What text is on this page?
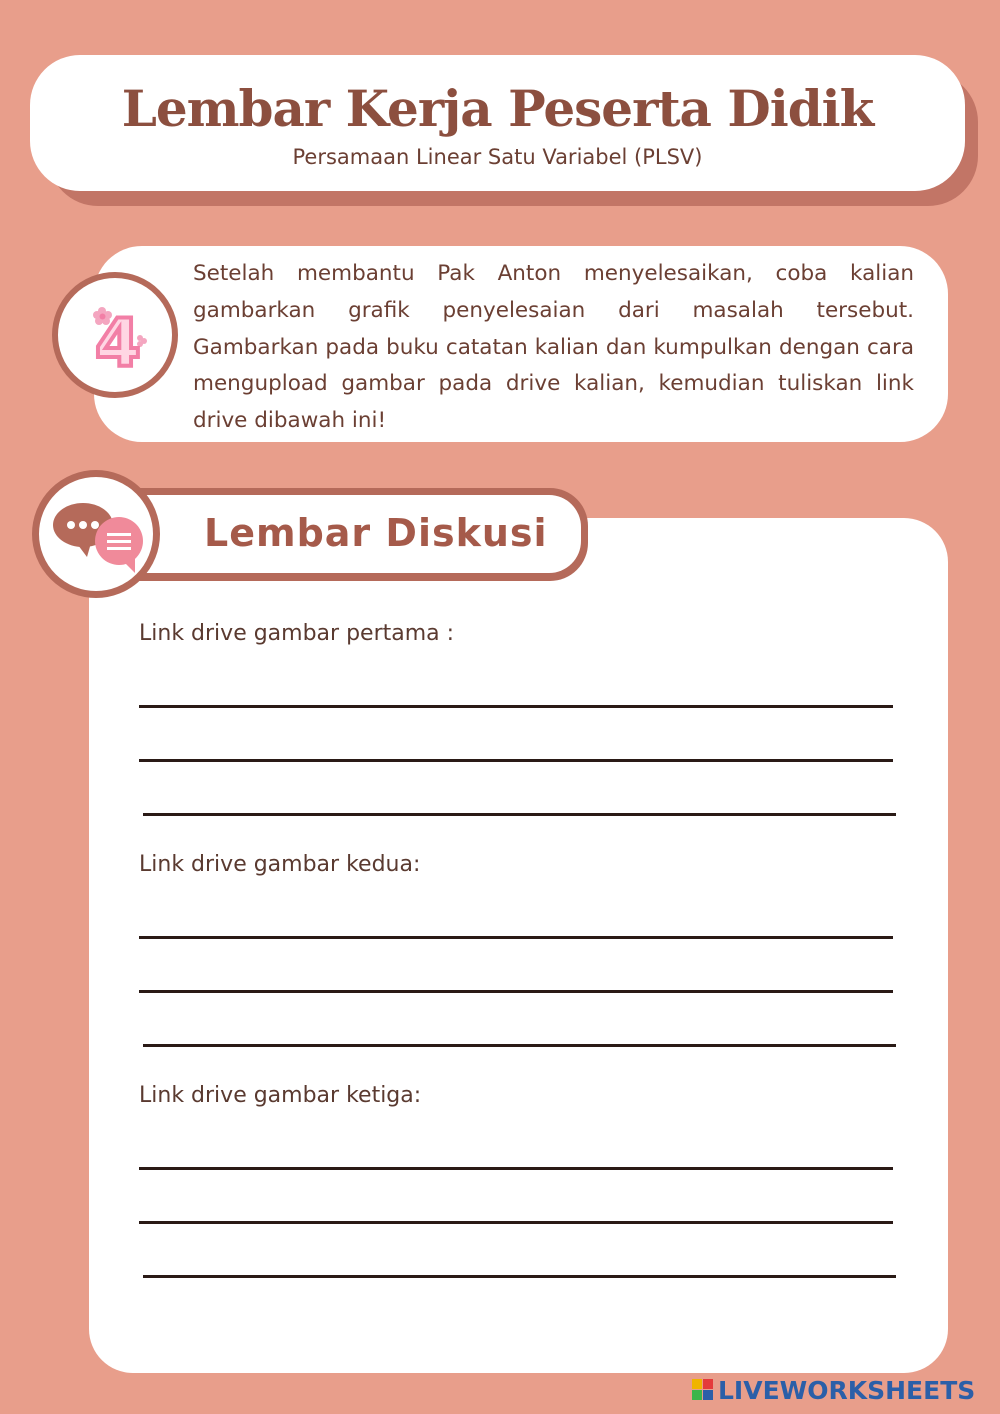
Lembar Kerja Peserta Didik
Persamaan Linear Satu Variabel (PLSV)
4
Setelah membantu Pak Anton menyelesaikan, coba kalian gambarkan grafik penyelesaian dari masalah tersebut. Gambarkan pada buku catatan kalian dan kumpulkan dengan cara mengupload gambar pada drive kalian, kemudian tuliskan link drive dibawah ini!
Lembar Diskusi
Link drive gambar pertama :
Link drive gambar kedua:
Link drive gambar ketiga:
LIVEWORKSHEETS
